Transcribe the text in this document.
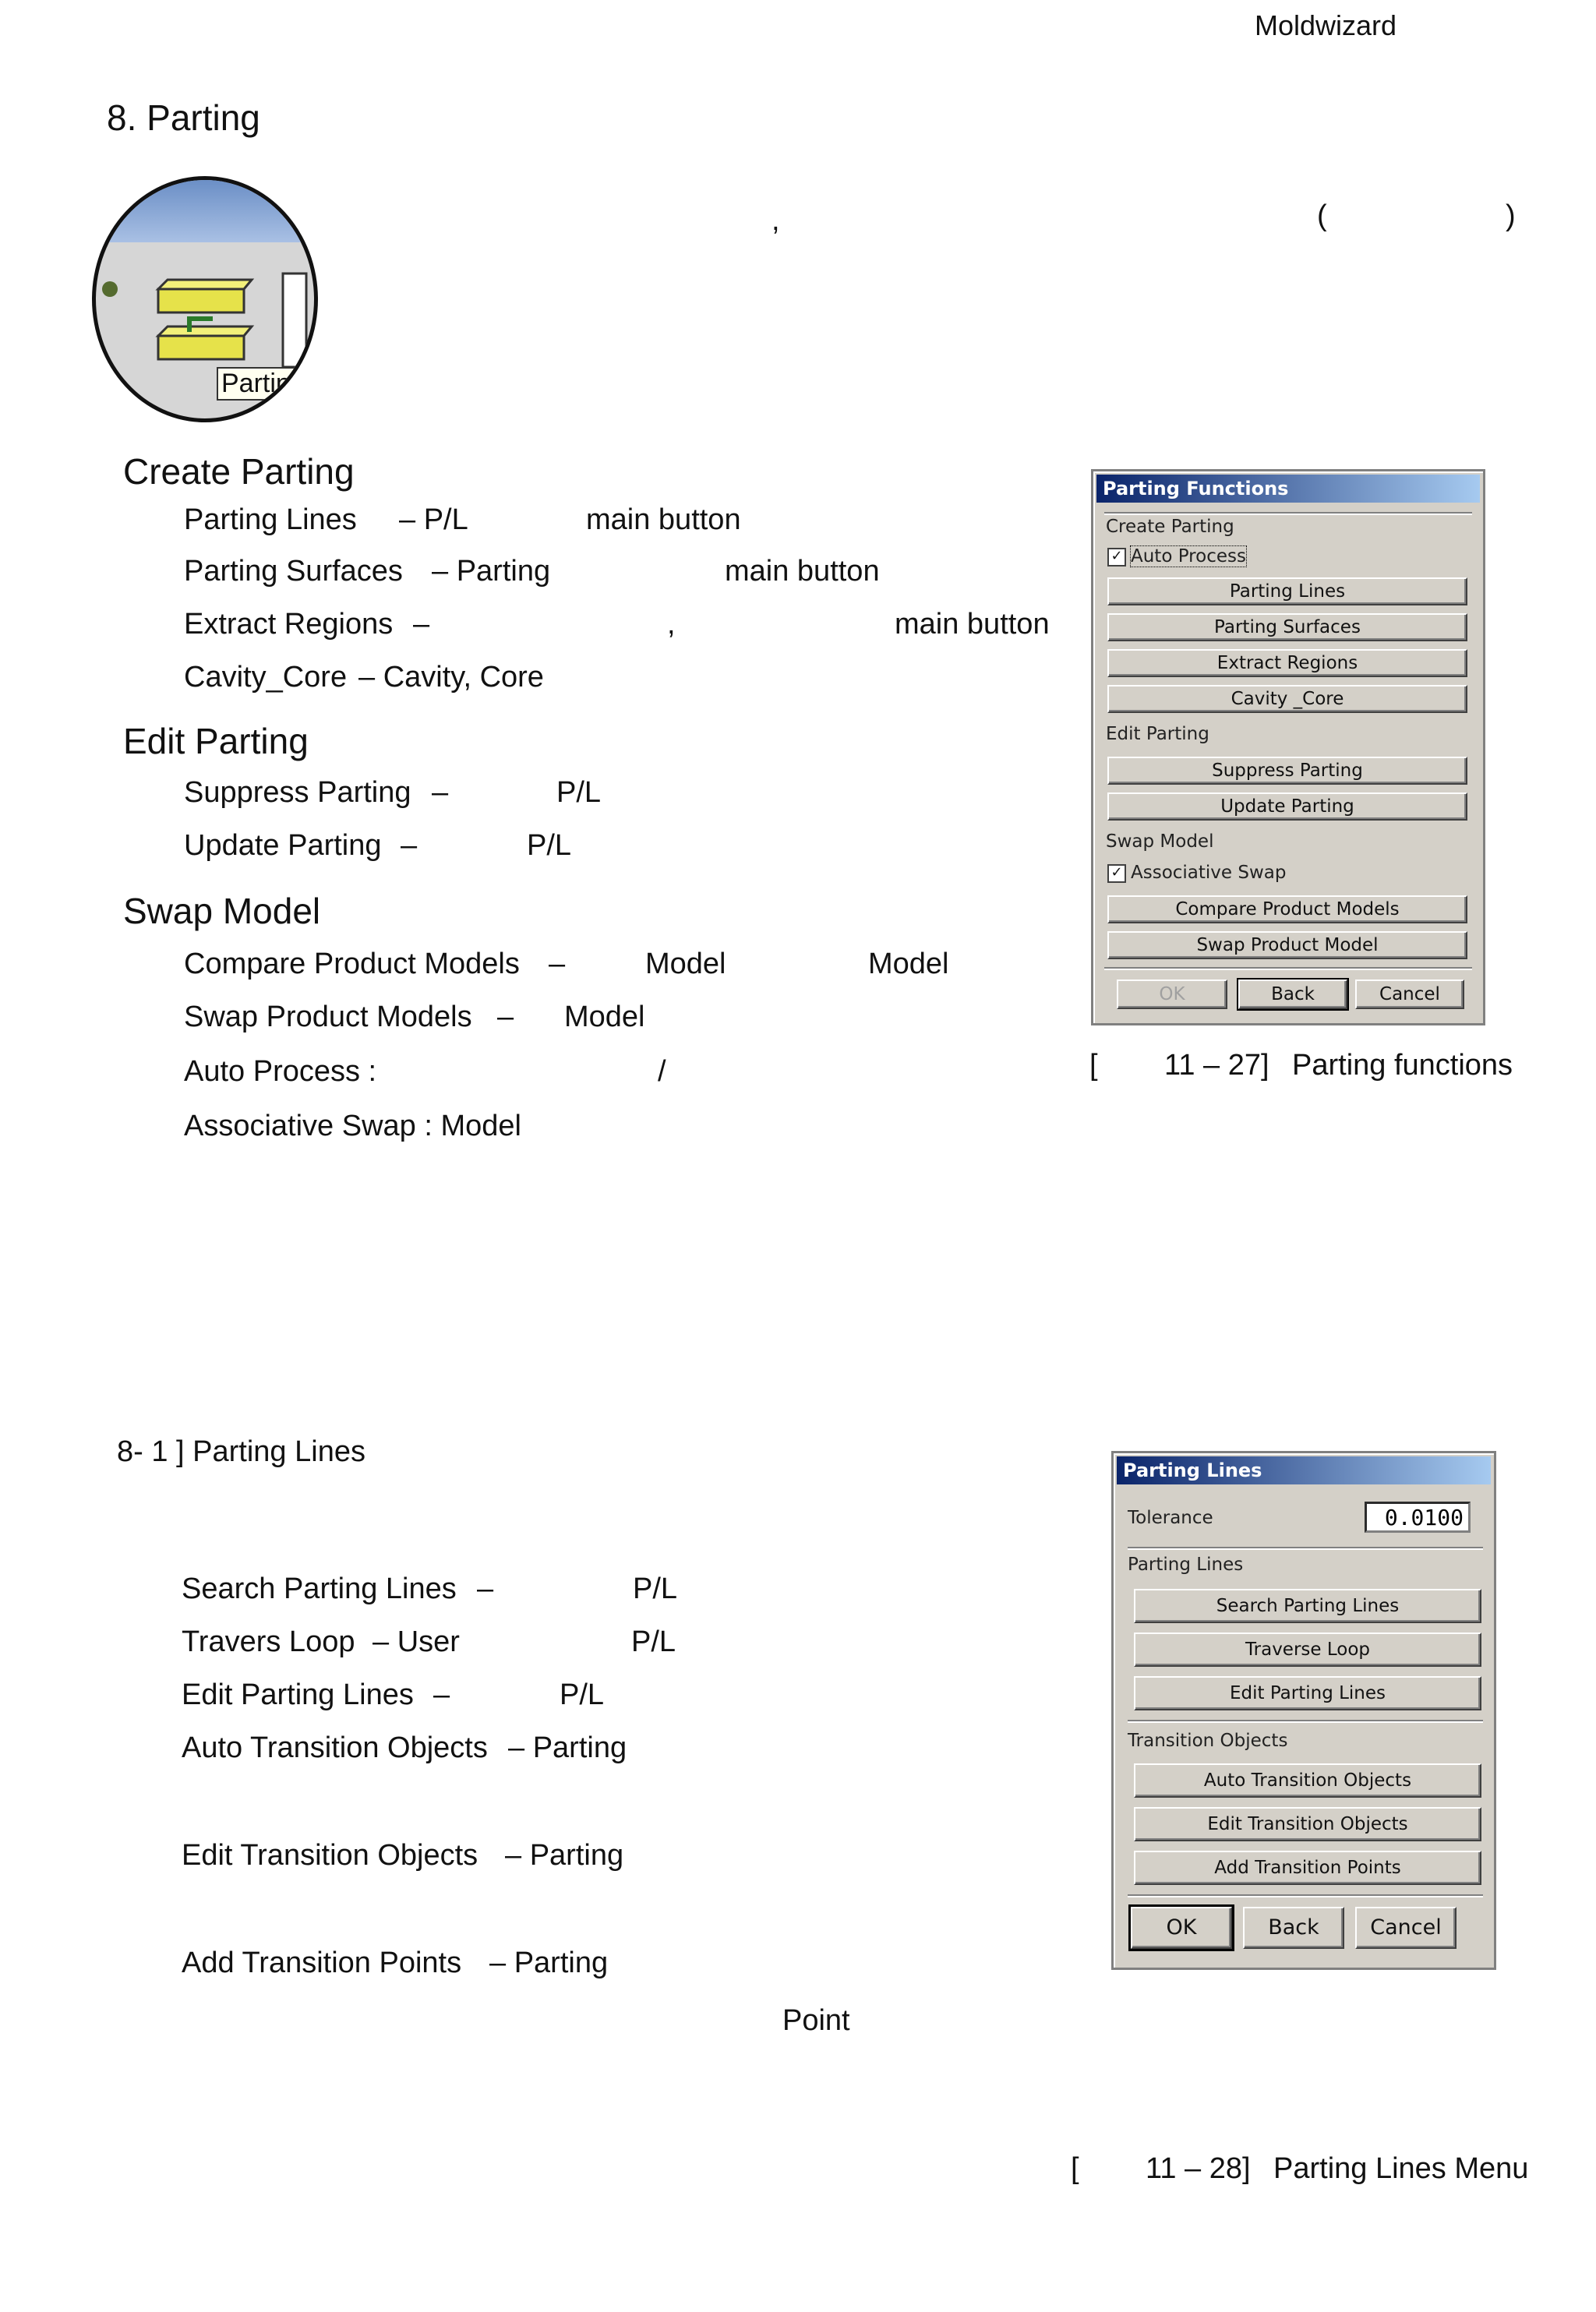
Moldwizard
8. Parting
,	(	)
Parting
Create Parting
Parting Lines – P/L	main button
Parting Surfaces – Parting	main button
Extract Regions –	,	main button
Cavity_Core – Cavity, Core
Edit Parting
Suppress Parting –	P/L
Update Parting –	P/L
Swap Model
Compare Product Models –	Model	Model
Swap Product Models – Model
Auto Process :	/
Associative Swap : Model
Parting Functions
Create Parting
✓ Auto Process
Parting Lines
Parting Surfaces
Extract Regions
Cavity _Core
Edit Parting
Suppress Parting
Update Parting
Swap Model
✓ Associative Swap
Compare Product Models
Swap Product Model
OK	Back	Cancel
[ 11 – 27] Parting functions
8- 1 ] Parting Lines
Search Parting Lines –	P/L
Travers Loop – User	P/L
Edit Parting Lines –	P/L
Auto Transition Objects – Parting
Edit Transition Objects – Parting
Add Transition Points – Parting
Point
Parting Lines
Tolerance
0.0100
Parting Lines
Search Parting Lines
Traverse Loop
Edit Parting Lines
Transition Objects
Auto Transition Objects
Edit Transition Objects
Add Transition Points
OK	Back	Cancel
[ 11 – 28] Parting Lines Menu
